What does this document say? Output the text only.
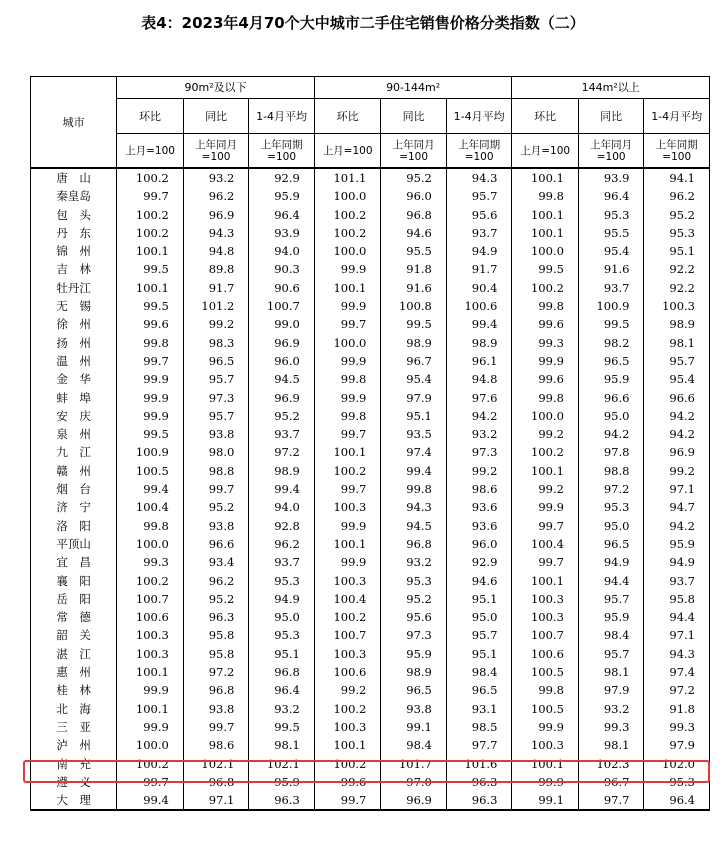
表4：2023年4月70个大中城市二手住宅销售价格分类指数（二）
城市	90m²及以下			90-144m²			144m²以上		
	环比	同比	1-4月平均	环比	同比	1-4月平均	环比	同比	1-4月平均
	上月=100	上年同月=100	上年同期=100	上月=100	上年同月=100	上年同期=100	上月=100	上年同月=100	上年同期=100
唐　山	100.2	93.2	92.9	101.1	95.2	94.3	100.1	93.9	94.1
秦皇岛	99.7	96.2	95.9	100.0	96.0	95.7	99.8	96.4	96.2
包　头	100.2	96.9	96.4	100.2	96.8	95.6	100.1	95.3	95.2
丹　东	100.2	94.3	93.9	100.2	94.6	93.7	100.1	95.5	95.3
锦　州	100.1	94.8	94.0	100.0	95.5	94.9	100.0	95.4	95.1
吉　林	99.5	89.8	90.3	99.9	91.8	91.7	99.5	91.6	92.2
牡丹江	100.1	91.7	90.6	100.1	91.6	90.4	100.2	93.7	92.2
无　锡	99.5	101.2	100.7	99.9	100.8	100.6	99.8	100.9	100.3
徐　州	99.6	99.2	99.0	99.7	99.5	99.4	99.6	99.5	98.9
扬　州	99.8	98.3	96.9	100.0	98.9	98.9	99.3	98.2	98.1
温　州	99.7	96.5	96.0	99.9	96.7	96.1	99.9	96.5	95.7
金　华	99.9	95.7	94.5	99.8	95.4	94.8	99.6	95.9	95.4
蚌　埠	99.9	97.3	96.9	99.9	97.9	97.6	99.8	96.6	96.6
安　庆	99.9	95.7	95.2	99.8	95.1	94.2	100.0	95.0	94.2
泉　州	99.5	93.8	93.7	99.7	93.5	93.2	99.2	94.2	94.2
九　江	100.9	98.0	97.2	100.1	97.4	97.3	100.2	97.8	96.9
赣　州	100.5	98.8	98.9	100.2	99.4	99.2	100.1	98.8	99.2
烟　台	99.4	99.7	99.4	99.7	99.8	98.6	99.2	97.2	97.1
济　宁	100.4	95.2	94.0	100.3	94.3	93.6	99.9	95.3	94.7
洛　阳	99.8	93.8	92.8	99.9	94.5	93.6	99.7	95.0	94.2
平顶山	100.0	96.6	96.2	100.1	96.8	96.0	100.4	96.5	95.9
宜　昌	99.3	93.4	93.7	99.9	93.2	92.9	99.7	94.9	94.9
襄　阳	100.2	96.2	95.3	100.3	95.3	94.6	100.1	94.4	93.7
岳　阳	100.7	95.2	94.9	100.4	95.2	95.1	100.3	95.7	95.8
常　德	100.6	96.3	95.0	100.2	95.6	95.0	100.3	95.9	94.4
韶　关	100.3	95.8	95.3	100.7	97.3	95.7	100.7	98.4	97.1
湛　江	100.3	95.8	95.1	100.3	95.9	95.1	100.6	95.7	94.3
惠　州	100.1	97.2	96.8	100.6	98.9	98.4	100.5	98.1	97.4
桂　林	99.9	96.8	96.4	99.2	96.5	96.5	99.8	97.9	97.2
北　海	100.1	93.8	93.2	100.2	93.8	93.1	100.5	93.2	91.8
三　亚	99.9	99.7	99.5	100.3	99.1	98.5	99.9	99.3	99.3
泸　州	100.0	98.6	98.1	100.1	98.4	97.7	100.3	98.1	97.9
南　充	100.2	102.1	102.1	100.2	101.7	101.6	100.1	102.3	102.0
遵　义	99.7	96.8	95.9	99.6	97.0	96.3	99.9	96.7	95.3
大　理	99.4	97.1	96.3	99.7	96.9	96.3	99.1	97.7	96.4
